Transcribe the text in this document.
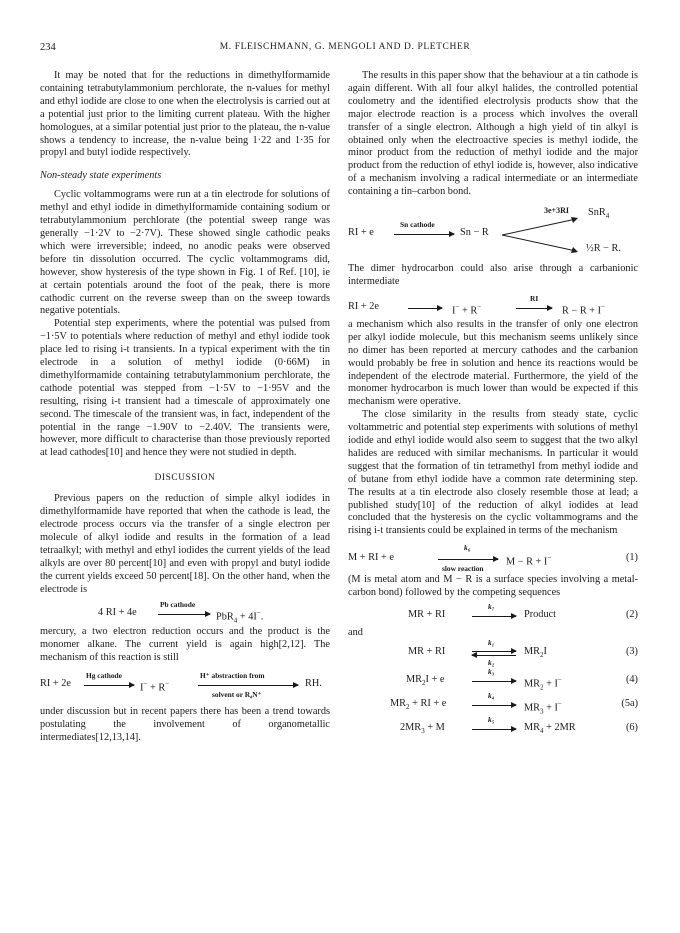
234	M. FLEISCHMANN, G. MENGOLI AND D. PLETCHER

It may be noted that for the reductions in dimethylformamide containing tetrabutylammonium perchlorate, the n-values for methyl and ethyl iodide are close to one when the electrolysis is carried out at a potential just prior to the limiting current plateau. With the higher homologues, at a similar potential just prior to the plateau, the n-value shows a tendency to increase, the n-value being 1·22 and 1·35 for propyl and butyl iodide respectively.

Non-steady state experiments

Cyclic voltammograms were run at a tin electrode for solutions of methyl and ethyl iodide in dimethylformamide containing sodium or tetrabutylammonium perchlorate (the potential sweep range was generally −1·2V to −2·7V). These showed single cathodic peaks which were irreversible; indeed, no anodic peaks were observed before tin dissolution occurred. The cyclic voltammograms did, however, show hysteresis of the type shown in Fig. 1 of Ref. [10], ie at certain potentials around the foot of the peak, there is more cathodic current on the reverse sweep than on the sweep towards negative potentials.

Potential step experiments, where the potential was pulsed from −1·5V to potentials where reduction of methyl and ethyl iodide took place led to rising i-t transients. In a typical experiment with the tin electrode in a solution of methyl iodide (0·66M) in dimethylformamide containing tetrabutylammonium perchlorate, the cathode potential was stepped from −1·5V to −1·95V and the resulting, rising i-t transient had a timescale of approximately one second. The timescale of the transient was, in fact, independent of the potential in the range −1.90V to −2.40V. The transients were, however, more difficult to characterise than those previously reported at lead cathodes[10] and hence they were not studied in depth.

DISCUSSION

Previous papers on the reduction of simple alkyl iodides in dimethylformamide have reported that when the cathode is lead, the electrode process occurs via the transfer of a single electron per molecule of alkyl iodide and results in the formation of a lead tetraalkyl; with methyl and ethyl iodides the current yields of the lead alkyls are over 80 percent[10] and even with propyl and butyl iodide the current yields exceed 50 percent[18]. On the other hand, when the electrode is

4 RI + 4e
Pb cathode
PbR$_4$ + 4I−.

mercury, a two electron reduction occurs and the product is the monomer alkane. The current yield is again high[2,12]. The mechanism of this reaction is still

RI + 2e
Hg cathode
I− + R−
H⁺ abstraction from
solvent or R₄N⁺
RH.

under discussion but in recent papers there has been a trend towards postulating the involvement of organometallic intermediates[12,13,14].

The results in this paper show that the behaviour at a tin cathode is again different. With all four alkyl halides, the controlled potential coulometry and the identified electrolysis products show that the major electrode reaction is a process which involves the overall transfer of a single electron. Although a high yield of tin alkyl is obtained only when the electroactive species is methyl iodide, the minor product from the reduction of methyl iodide and the major product from the reduction of ethyl iodide is, however, also indicative of a mechanism involving a radical intermediate or an intermediate containing a tin–carbon bond.

RI + e
Sn cathode
Sn − R
3e+3RI SnR$_4$
½R − R.

The dimer hydrocarbon could also arise through a carbanionic intermediate

RI + 2e	→ I− + R−
RI
→ R − R + I−

a mechanism which also results in the transfer of only one electron per alkyl iodide molecule, but this mechanism seems unlikely since no dimer has been reported at mercury cathodes and the carbanion would probably be free in solution and hence its reactions would be independent of the electrode material. Furthermore, the yield of the monomer hydrocarbon is much lower than would be expected if this mechanism were operative.

The close similarity in the results from steady state, cyclic voltammetric and potential step experiments with solutions of methyl iodide and ethyl iodide would also seem to suggest that the two alkyl halides are reduced with similar mechanisms. In particular it would suggest that the formation of tin tetramethyl from methyl iodide and of butane from ethyl iodide have a common rate determining step. The results at a tin electrode also closely resemble those at lead; a published study[10] of the reduction of alkyl iodides at lead concluded that the hysteresis on the cyclic voltammograms and the rising i-t transients could be explained in terms of the mechanism

M + RI + e
k₆
slow reaction
M − R + I−	(1)

(M is metal atom and M − R is a surface species involving a metal-carbon bond) followed by the competing sequences

MR + RI
k₇
Product	(2)

and

MR + RI
k₁
k₂
$MR_2I$	(3)
$MR_2I + e$
k₃
$MR_2 + I^-$	(4)
$MR_2$ + RI + e
k₄
$MR_3 + I^-$	(5a)
$2MR_3 + M$
k₅
$MR_4 + 2MR$	(6)
